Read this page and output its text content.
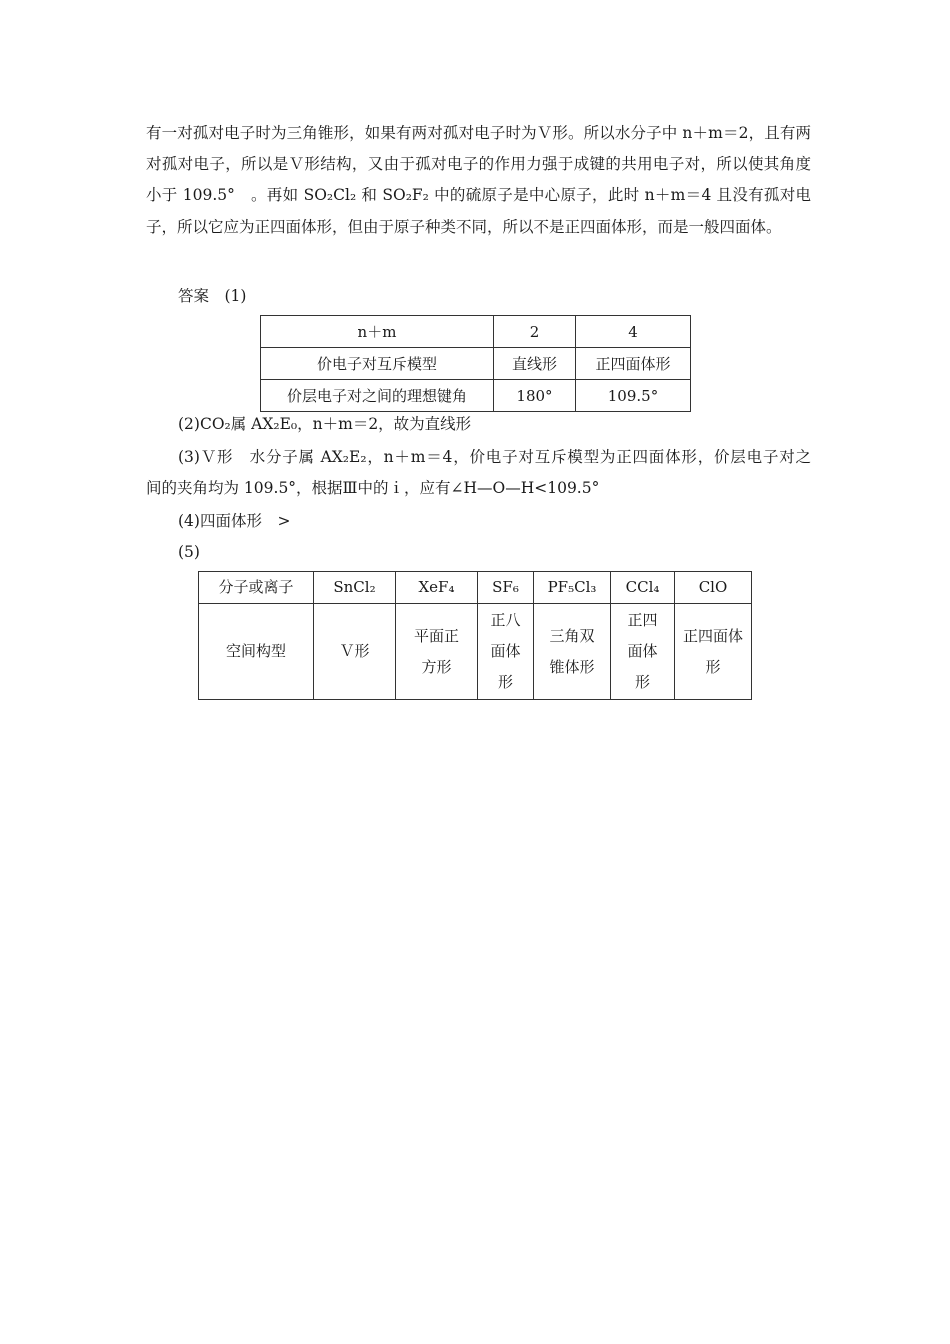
有一对孤对电子时为三角锥形，如果有两对孤对电子时为Ｖ形。所以水分子中 n＋m＝2，且有两对孤对电子，所以是Ｖ形结构，又由于孤对电子的作用力强于成键的共用电子对，所以使其角度小于 109.5°　。再如 SO₂Cl₂ 和 SO₂F₂ 中的硫原子是中心原子，此时 n＋m＝4 且没有孤对电子，所以它应为正四面体形，但由于原子种类不同，所以不是正四面体形，而是一般四面体。
答案　(1)
n＋m	2	4
价电子对互斥模型	直线形	正四面体形
价层电子对之间的理想键角	180°	109.5°
(2)CO₂属 AX₂E₀，n＋m＝2，故为直线形
(3)Ｖ形　水分子属 AX₂E₂，n＋m＝4，价电子对互斥模型为正四面体形，价层电子对之
间的夹角均为 109.5°，根据Ⅲ中的ｉ，应有∠H—O—H<109.5°
(4)四面体形　>
(5)
分子或离子	SnCl₂	XeF₄	SF₆	PF₅Cl₃	CCl₄	ClO
空间构型	Ｖ形	平面正方形	正八面体形	三角双锥体形	正四面体形	正四面体形
